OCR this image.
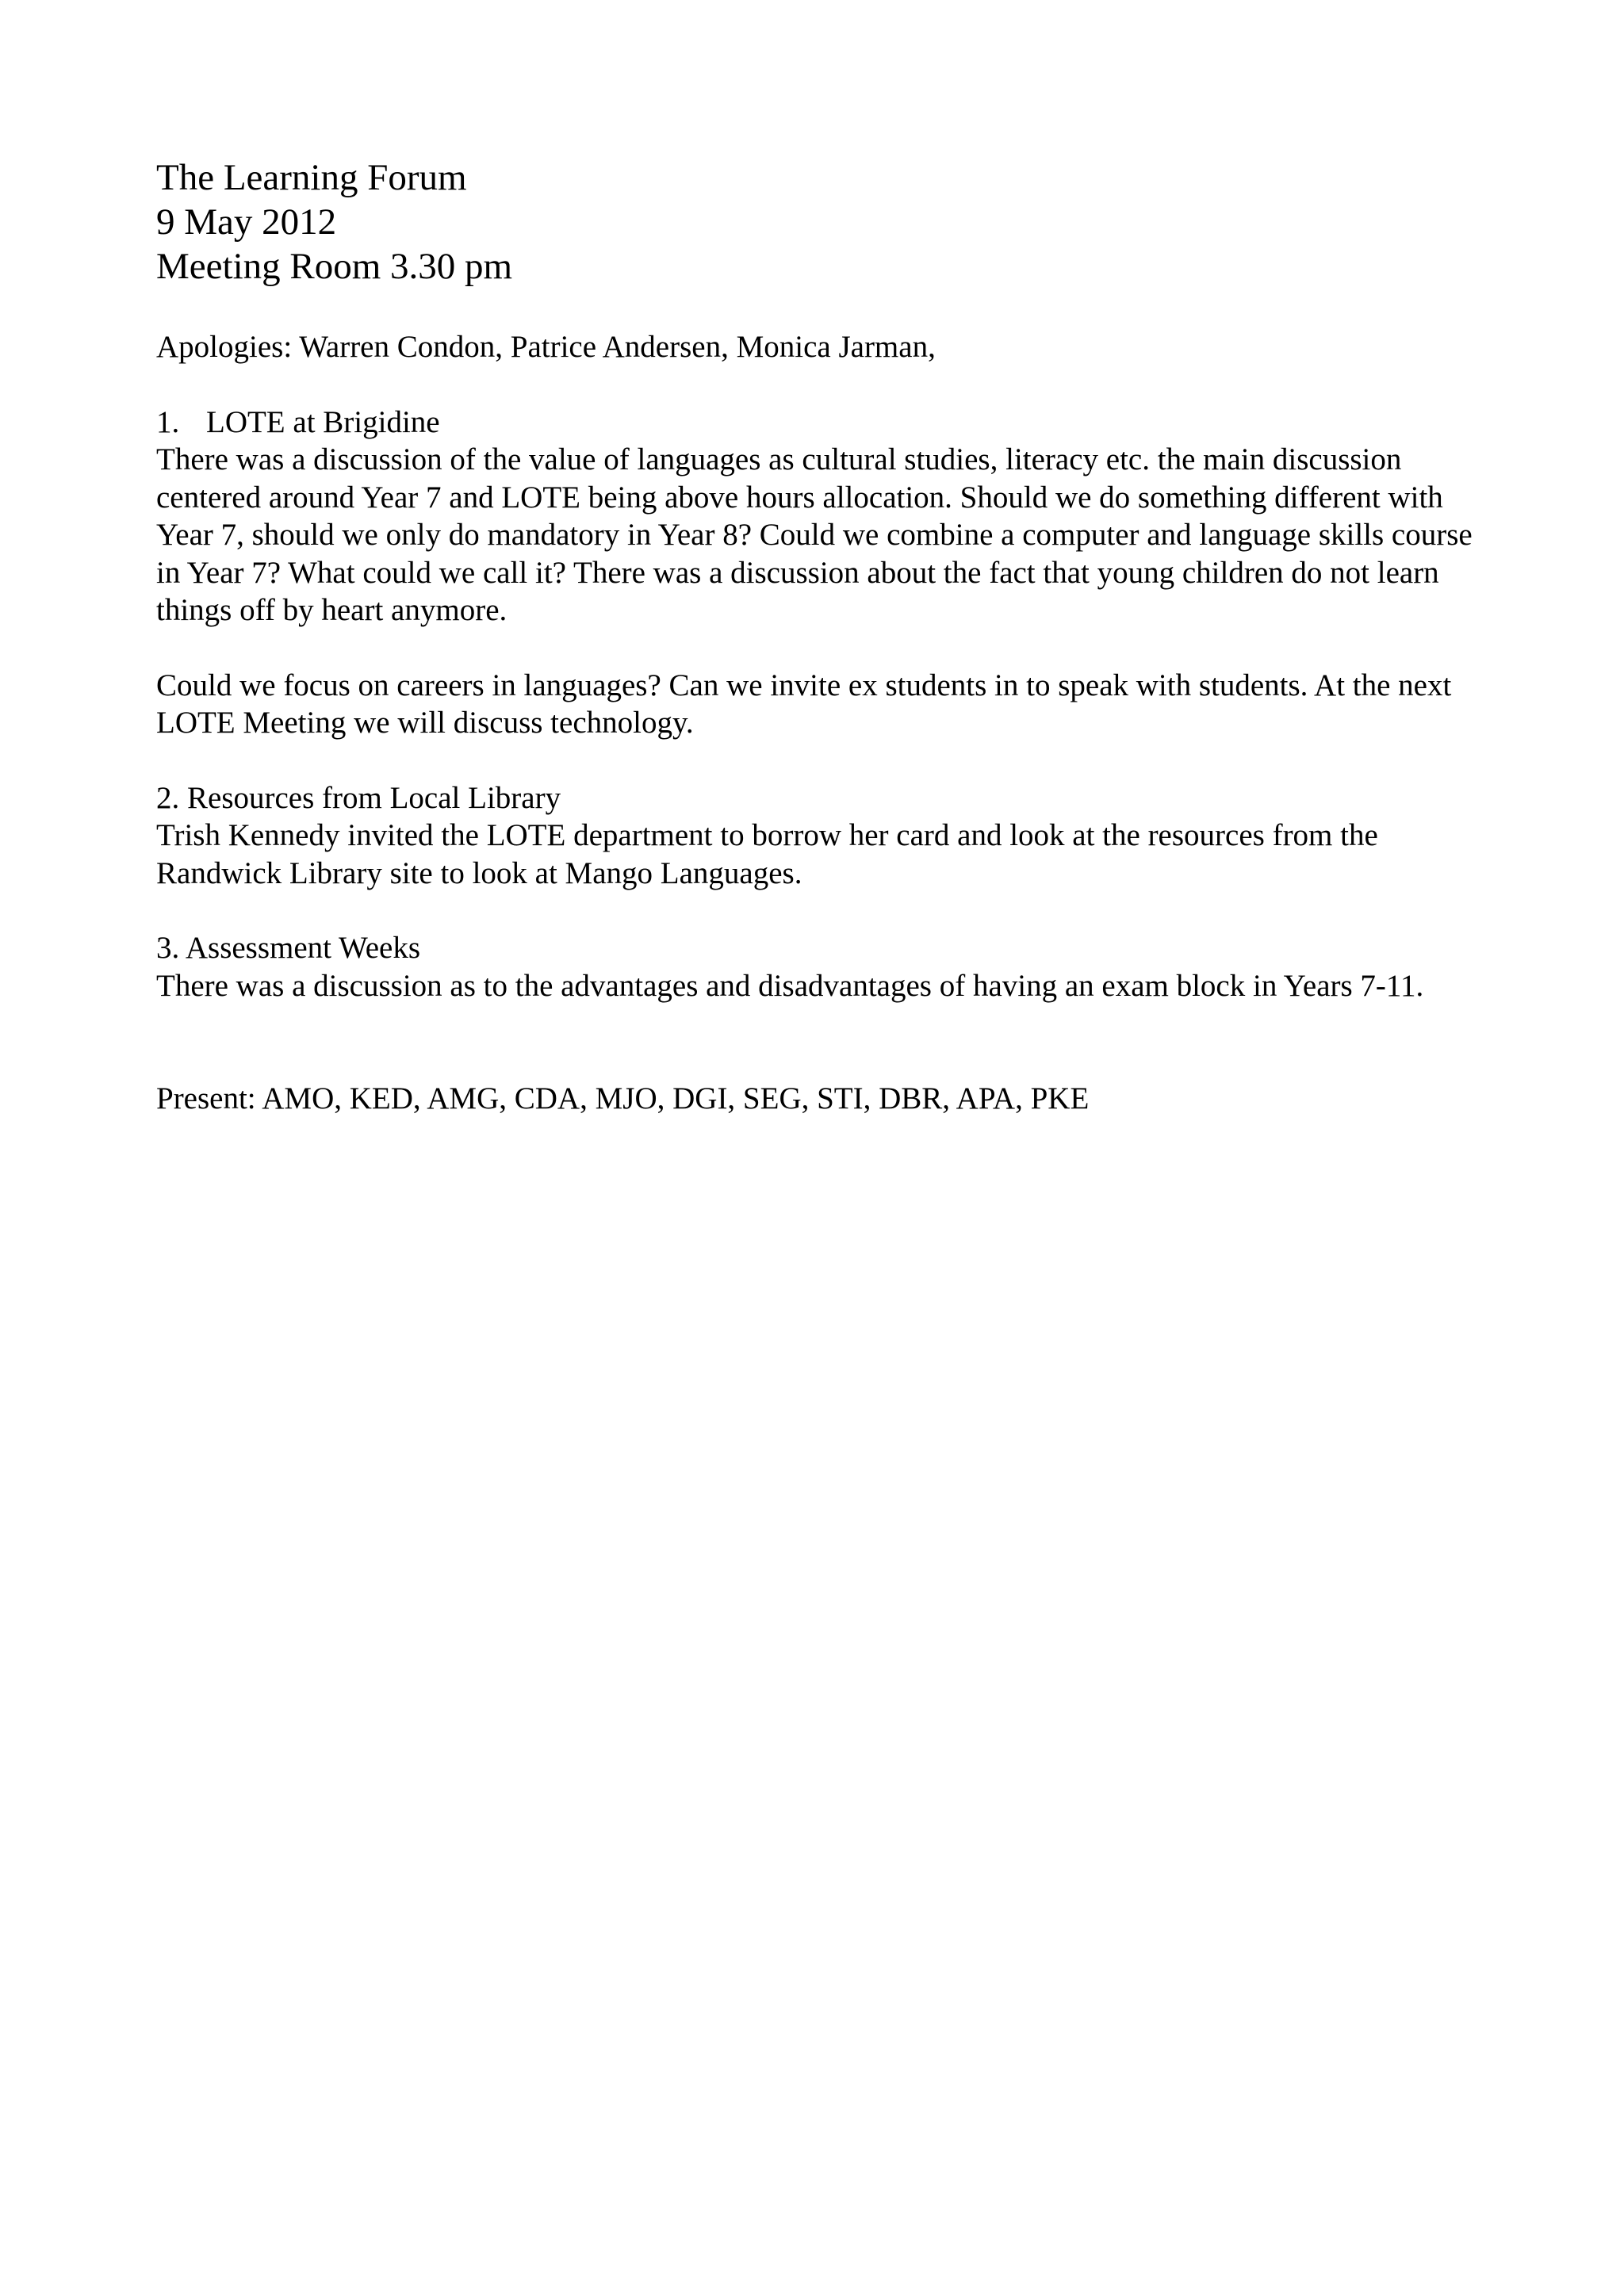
The Learning Forum

9 May 2012

Meeting Room 3.30 pm

Apologies: Warren Condon, Patrice Andersen, Monica Jarman,

1. LOTE at Brigidine

There was a discussion of the value of languages as cultural studies, literacy etc. the main discussion centered around Year 7 and LOTE being above hours allocation. Should we do something different with Year 7, should we only do mandatory in Year 8? Could we combine a computer and language skills course in Year 7? What could we call it? There was a discussion about the fact that young children do not learn things off by heart anymore.

Could we focus on careers in languages? Can we invite ex students in to speak with students. At the next LOTE Meeting we will discuss technology.

2. Resources from Local Library

Trish Kennedy invited the LOTE department to borrow her card and look at the resources from the Randwick Library site to look at Mango Languages.

3. Assessment Weeks

There was a discussion as to the advantages and disadvantages of having an exam block in Years 7-11.

Present: AMO, KED, AMG, CDA, MJO, DGI, SEG, STI, DBR, APA, PKE
